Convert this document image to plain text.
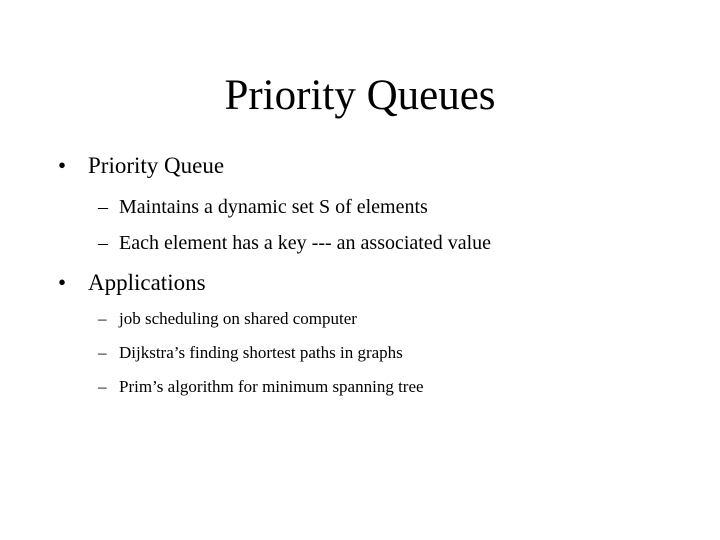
Priority Queues
• Priority Queue
– Maintains a dynamic set S of elements
– Each element has a key --- an associated value
• Applications
– job scheduling on shared computer
– Dijkstra’s finding shortest paths in graphs
– Prim’s algorithm for minimum spanning tree
